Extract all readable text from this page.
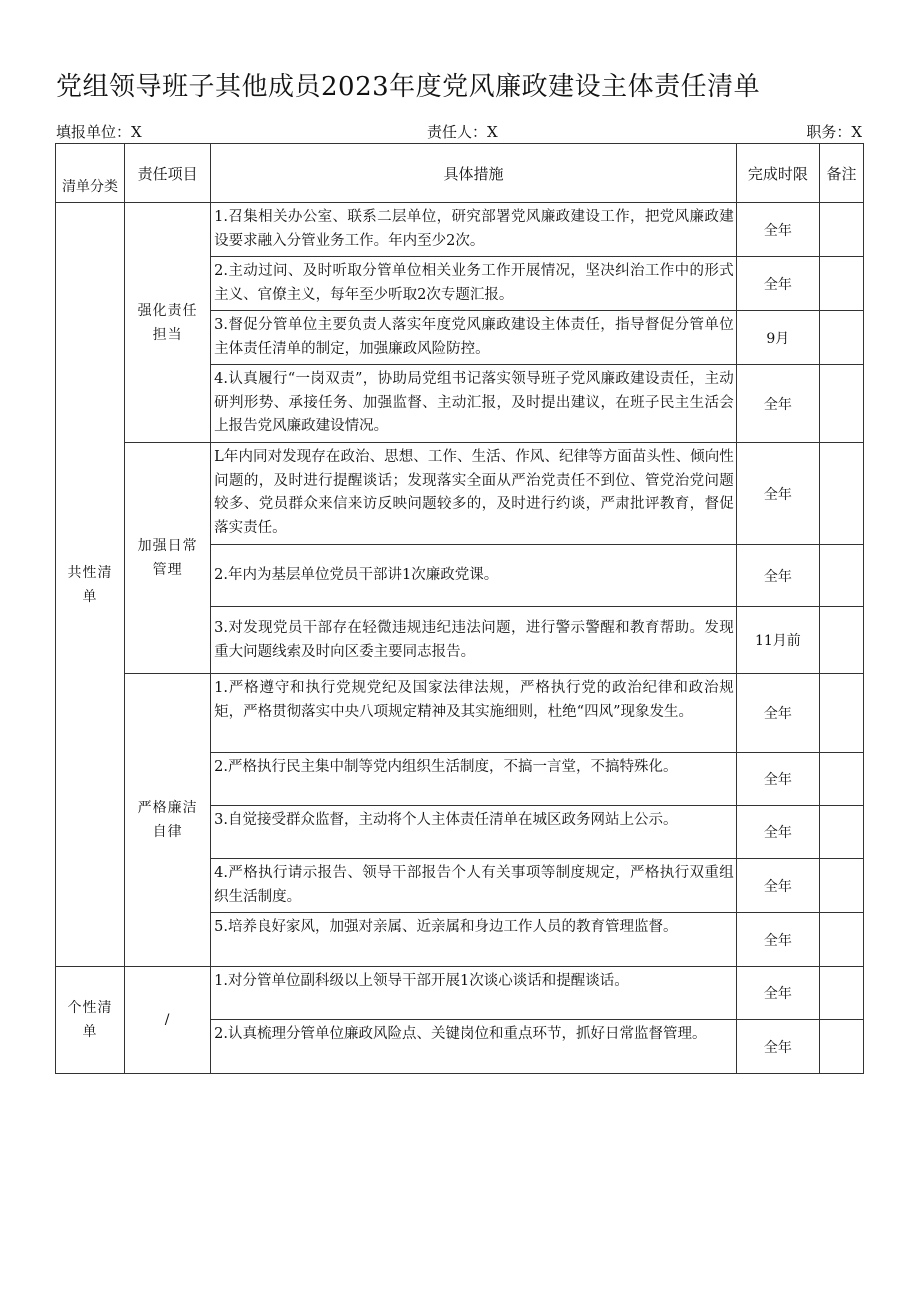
党组领导班子其他成员2023年度党风廉政建设主体责任清单
填报单位：X	责任人：X	职务：X
清单分类	责任项目	具体措施	完成时限	备注
共性清单	强化责任担当	1.召集相关办公室、联系二层单位，研究部署党风廉政建设工作，把党风廉政建设要求融入分管业务工作。年内至少2次。	全年	
		2.主动过问、及时听取分管单位相关业务工作开展情况，坚决纠治工作中的形式主义、官僚主义，每年至少听取2次专题汇报。	全年	
		3.督促分管单位主要负责人落实年度党风廉政建设主体责任，指导督促分管单位主体责任清单的制定，加强廉政风险防控。	9月	
		4.认真履行“一岗双责”，协助局党组书记落实领导班子党风廉政建设责任，主动研判形势、承接任务、加强监督、主动汇报，及时提出建议，在班子民主生活会上报告党风廉政建设情况。	全年	
	加强日常管理	L年内同对发现存在政治、思想、工作、生活、作风、纪律等方面苗头性、倾向性问题的，及时进行提醒谈话；发现落实全面从严治党责任不到位、管党治党问题较多、党员群众来信来访反映问题较多的，及时进行约谈，严肃批评教育，督促落实责任。	全年	
		2.年内为基层单位党员干部讲1次廉政党课。	全年	
		3.对发现党员干部存在轻微违规违纪违法问题，进行警示警醒和教育帮助。发现重大问题线索及时向区委主要同志报告。	11月前	
	严格廉洁自律	1.严格遵守和执行党规党纪及国家法律法规，严格执行党的政治纪律和政治规矩，严格贯彻落实中央八项规定精神及其实施细则，杜绝“四风”现象发生。	全年	
		2.严格执行民主集中制等党内组织生活制度，不搞一言堂，不搞特殊化。	全年	
		3.自觉接受群众监督，主动将个人主体责任清单在城区政务网站上公示。	全年	
		4.严格执行请示报告、领导干部报告个人有关事项等制度规定，严格执行双重组织生活制度。	全年	
		5.培养良好家风，加强对亲属、近亲属和身边工作人员的教育管理监督。	全年	
个性清单	/	1.对分管单位副科级以上领导干部开展1次谈心谈话和提醒谈话。	全年	
		2.认真梳理分管单位廉政风险点、关键岗位和重点环节，抓好日常监督管理。	全年	
